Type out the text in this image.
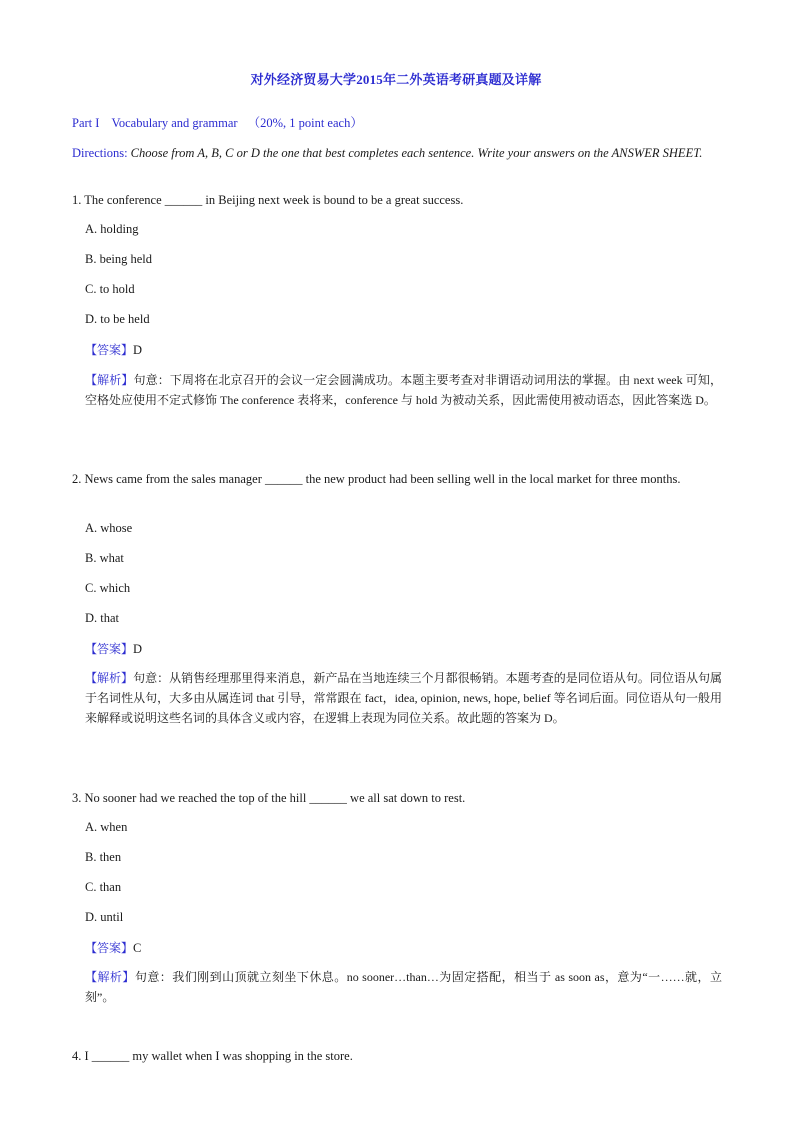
对外经济贸易大学2015年二外英语考研真题及详解
Part I Vocabulary and grammar （20%, 1 point each）
Directions: Choose from A, B, C or D the one that best completes each sentence. Write your answers on the ANSWER SHEET.
1. The conference ______ in Beijing next week is bound to be a great success.
A. holding
B. being held
C. to hold
D. to be held
【答案】D
【解析】句意：下周将在北京召开的会议一定会圆满成功。本题主要考查对非谓语动词用法的掌握。由 next week 可知，空格处应使用不定式修饰 The conference 表将来，conference 与 hold 为被动关系，因此需使用被动语态，因此答案选 D。
2. News came from the sales manager ______ the new product had been selling well in the local market for three months.
A. whose
B. what
C. which
D. that
【答案】D
【解析】句意：从销售经理那里得来消息，新产品在当地连续三个月都很畅销。本题考查的是同位语从句。同位语从句属于名词性从句，大多由从属连词 that 引导，常常跟在 fact，idea, opinion, news, hope, belief 等名词后面。同位语从句一般用来解释或说明这些名词的具体含义或内容，在逻辑上表现为同位关系。故此题的答案为 D。
3. No sooner had we reached the top of the hill ______ we all sat down to rest.
A. when
B. then
C. than
D. until
【答案】C
【解析】句意：我们刚到山顶就立刻坐下休息。no sooner…than…为固定搭配，相当于 as soon as，意为“一……就，立刻”。
4. I ______ my wallet when I was shopping in the store.
